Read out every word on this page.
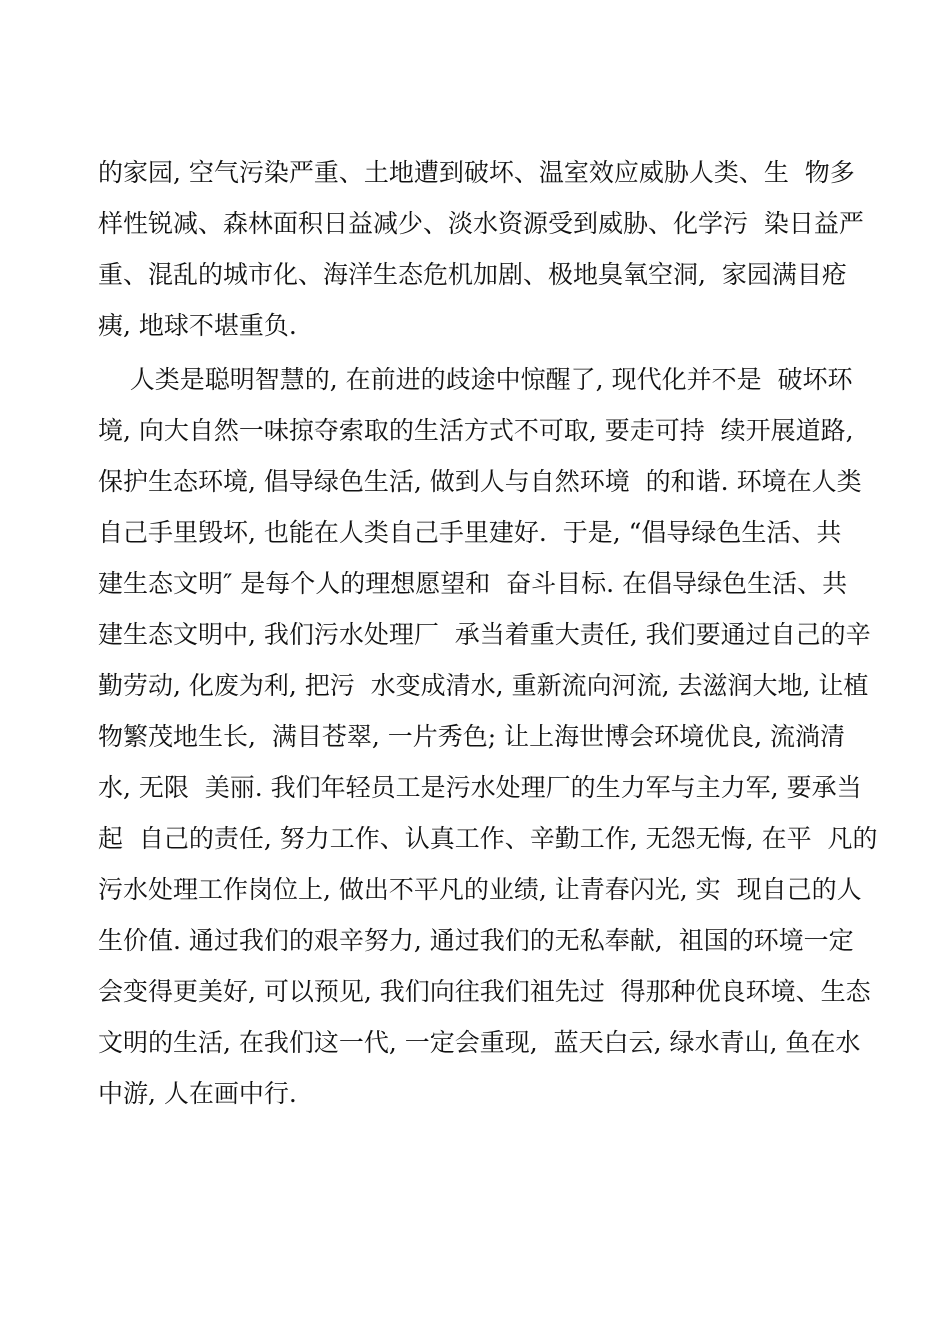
的家园, 空气污染严重、土地遭到破坏、温室效应威胁人类、生  物多
样性锐减、森林面积日益减少、淡水资源受到威胁、化学污  染日益严
重、混乱的城市化、海洋生态危机加剧、极地臭氧空洞,  家园满目疮
痍, 地球不堪重负.
人类是聪明智慧的, 在前进的歧途中惊醒了, 现代化并不是  破坏环
境, 向大自然一味掠夺索取的生活方式不可取, 要走可持  续开展道路,
保护生态环境, 倡导绿色生活, 做到人与自然环境  的和谐. 环境在人类
自己手里毁坏, 也能在人类自己手里建好.  于是, “倡导绿色生活、共
建生态文明″ 是每个人的理想愿望和  奋斗目标. 在倡导绿色生活、共
建生态文明中, 我们污水处理厂  承当着重大责任, 我们要通过自己的辛
勤劳动, 化废为利, 把污  水变成清水, 重新流向河流, 去滋润大地, 让植
物繁茂地生长,  满目苍翠, 一片秀色; 让上海世博会环境优良, 流淌清
水, 无限  美丽. 我们年轻员工是污水处理厂的生力军与主力军, 要承当
起  自己的责任, 努力工作、认真工作、辛勤工作, 无怨无悔, 在平  凡的
污水处理工作岗位上, 做出不平凡的业绩, 让青春闪光, 实  现自己的人
生价值. 通过我们的艰辛努力, 通过我们的无私奉献,  祖国的环境一定
会变得更美好, 可以预见, 我们向往我们祖先过  得那种优良环境、生态
文明的生活, 在我们这一代, 一定会重现,  蓝天白云, 绿水青山, 鱼在水
中游, 人在画中行.
